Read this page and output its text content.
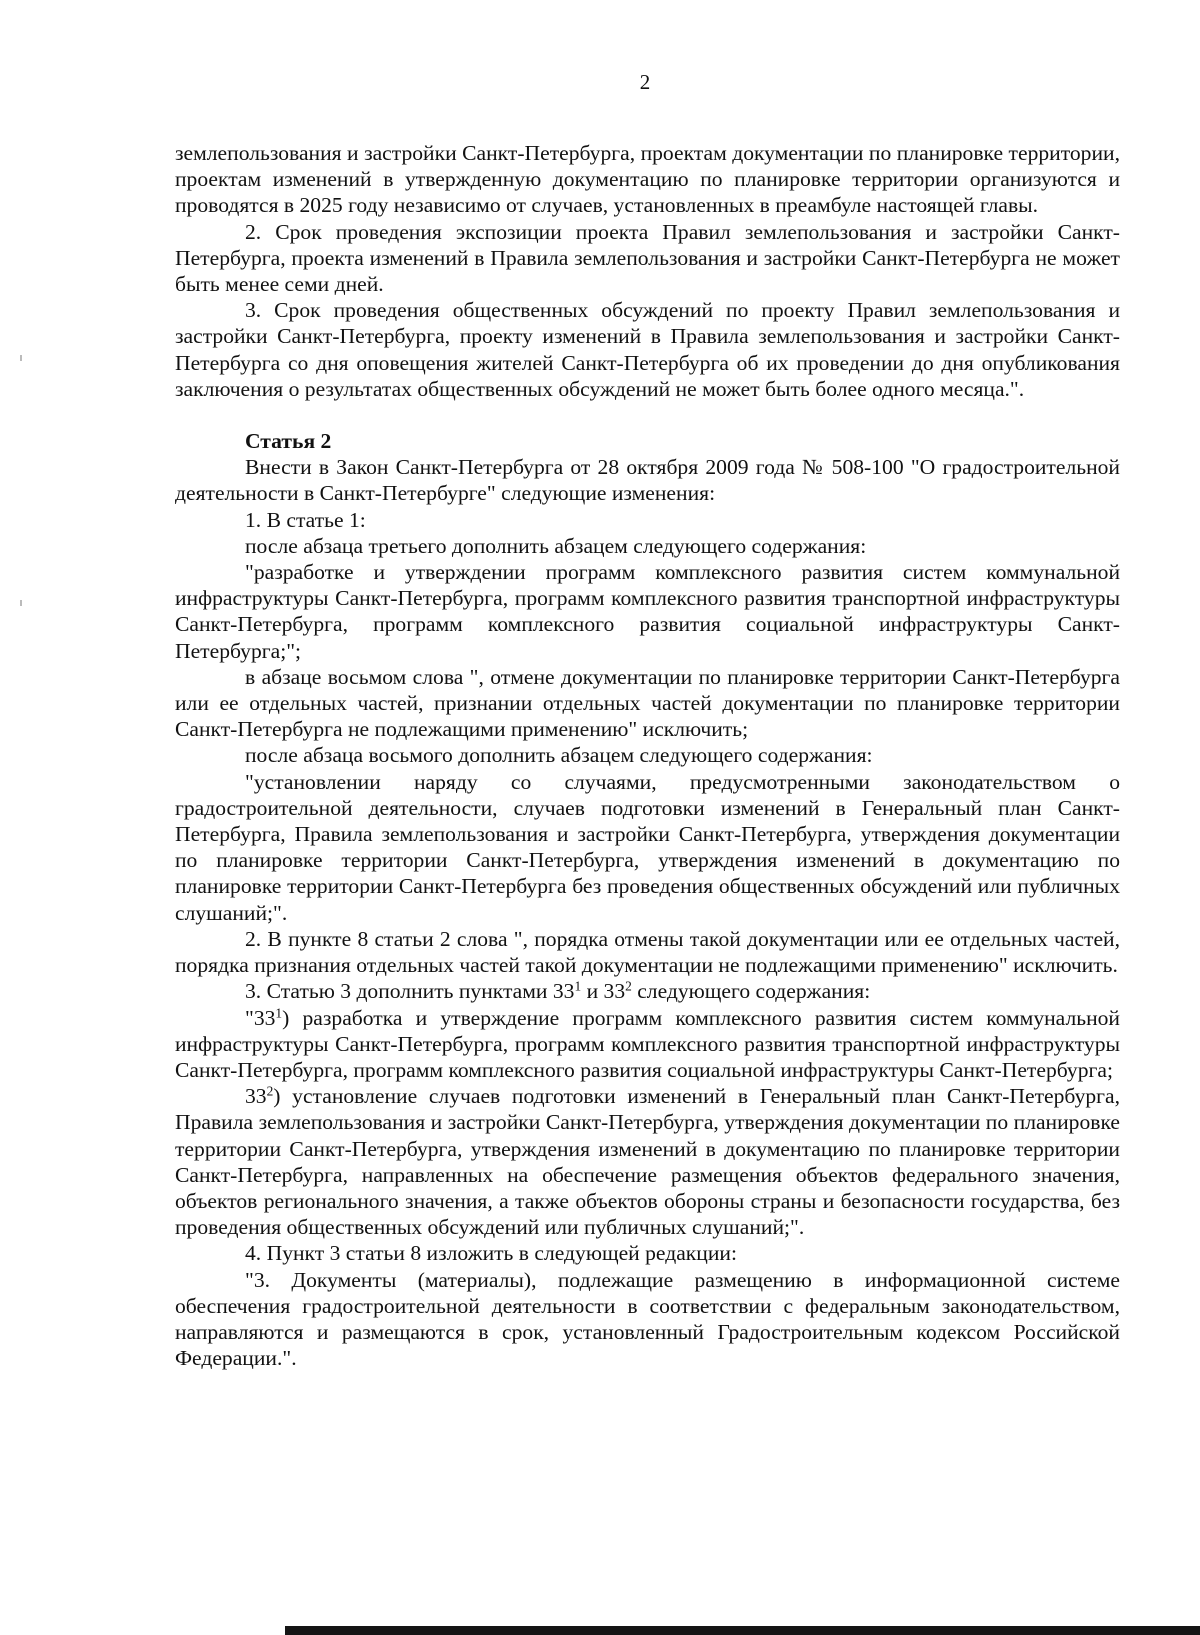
2

землепользования и застройки Санкт-Петербурга, проектам документации по планировке территории, проектам изменений в утвержденную документацию по планировке территории организуются и проводятся в 2025 году независимо от случаев, установленных в преамбуле настоящей главы.

2. Срок проведения экспозиции проекта Правил землепользования и застройки Санкт-Петербурга, проекта изменений в Правила землепользования и застройки Санкт-Петербурга не может быть менее семи дней.

3. Срок проведения общественных обсуждений по проекту Правил землепользования и застройки Санкт-Петербурга, проекту изменений в Правила землепользования и застройки Санкт-Петербурга со дня оповещения жителей Санкт-Петербурга об их проведении до дня опубликования заключения о результатах общественных обсуждений не может быть более одного месяца.".

Статья 2

Внести в Закон Санкт-Петербурга от 28 октября 2009 года № 508-100 "О градостроительной деятельности в Санкт-Петербурге" следующие изменения:

1. В статье 1:

после абзаца третьего дополнить абзацем следующего содержания:

"разработке и утверждении программ комплексного развития систем коммунальной инфраструктуры Санкт-Петербурга, программ комплексного развития транспортной инфраструктуры Санкт-Петербурга, программ комплексного развития социальной инфраструктуры Санкт-Петербурга;";

в абзаце восьмом слова ", отмене документации по планировке территории Санкт-Петербурга или ее отдельных частей, признании отдельных частей документации по планировке территории Санкт-Петербурга не подлежащими применению" исключить;

после абзаца восьмого дополнить абзацем следующего содержания:

"установлении наряду со случаями, предусмотренными законодательством о градостроительной деятельности, случаев подготовки изменений в Генеральный план Санкт-Петербурга, Правила землепользования и застройки Санкт-Петербурга, утверждения документации по планировке территории Санкт-Петербурга, утверждения изменений в документацию по планировке территории Санкт-Петербурга без проведения общественных обсуждений или публичных слушаний;".

2. В пункте 8 статьи 2 слова ", порядка отмены такой документации или ее отдельных частей, порядка признания отдельных частей такой документации не подлежащими применению" исключить.

3. Статью 3 дополнить пунктами $33^1$ и $33^2$ следующего содержания:

"$33^1$) разработка и утверждение программ комплексного развития систем коммунальной инфраструктуры Санкт-Петербурга, программ комплексного развития транспортной инфраструктуры Санкт-Петербурга, программ комплексного развития социальной инфраструктуры Санкт-Петербурга;

$33^2$) установление случаев подготовки изменений в Генеральный план Санкт-Петербурга, Правила землепользования и застройки Санкт-Петербурга, утверждения документации по планировке территории Санкт-Петербурга, утверждения изменений в документацию по планировке территории Санкт-Петербурга, направленных на обеспечение размещения объектов федерального значения, объектов регионального значения, а также объектов обороны страны и безопасности государства, без проведения общественных обсуждений или публичных слушаний;".

4. Пункт 3 статьи 8 изложить в следующей редакции:

"3. Документы (материалы), подлежащие размещению в информационной системе обеспечения градостроительной деятельности в соответствии с федеральным законодательством, направляются и размещаются в срок, установленный Градостроительным кодексом Российской Федерации.".
